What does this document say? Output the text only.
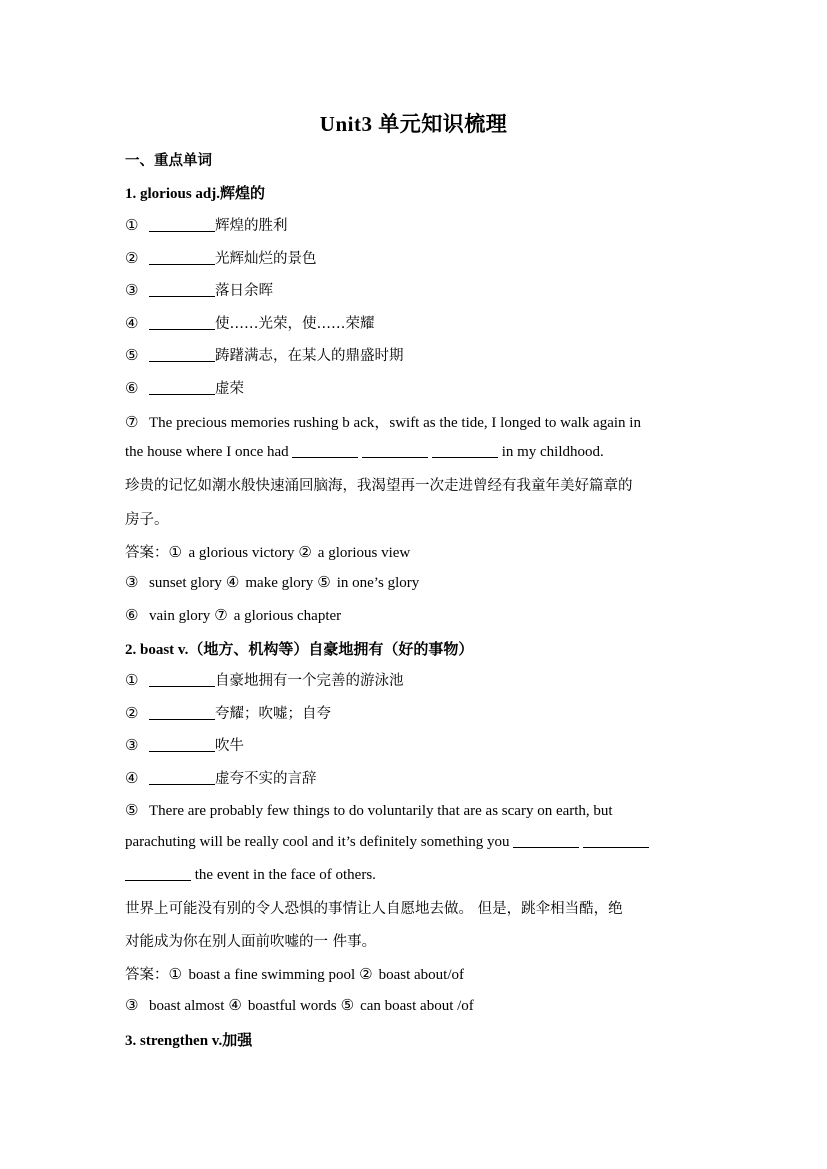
Unit3 单元知识梳理
一、重点单词
1. glorious adj.辉煌的
①	辉煌的胜利
②	光辉灿烂的景色
③	落日余晖
④	使……光荣，使……荣耀
⑤	踌躇满志，在某人的鼎盛时期
⑥	虚荣
⑦ The precious memories rushing b ack，swift as the tide, I longed to walk again in
the house where I once had	in my childhood.
珍贵的记忆如潮水般快速涌回脑海，我渴望再一次走进曾经有我童年美好篇章的
房子。
答案：① a glorious victory ② a glorious view
③ sunset glory ④ make glory ⑤ in one’s glory
⑥ vain glory ⑦ a glorious chapter
2. boast v.（地方、机构等）自豪地拥有（好的事物）
①	自豪地拥有一个完善的游泳池
②	夸耀；吹嘘；自夸
③	吹牛
④	虚夸不实的言辞
⑤ There are probably few things to do voluntarily that are as scary on earth, but
parachuting will be really cool and it’s definitely something you
the event in the face of others.
世界上可能没有别的令人恐惧的事情让人自愿地去做。 但是，跳伞相当酷，绝
对能成为你在别人面前吹嘘的一 件事。
答案：① boast a fine swimming pool ② boast about/of
③ boast almost ④ boastful words ⑤ can boast about /of
3. strengthen v.加强
